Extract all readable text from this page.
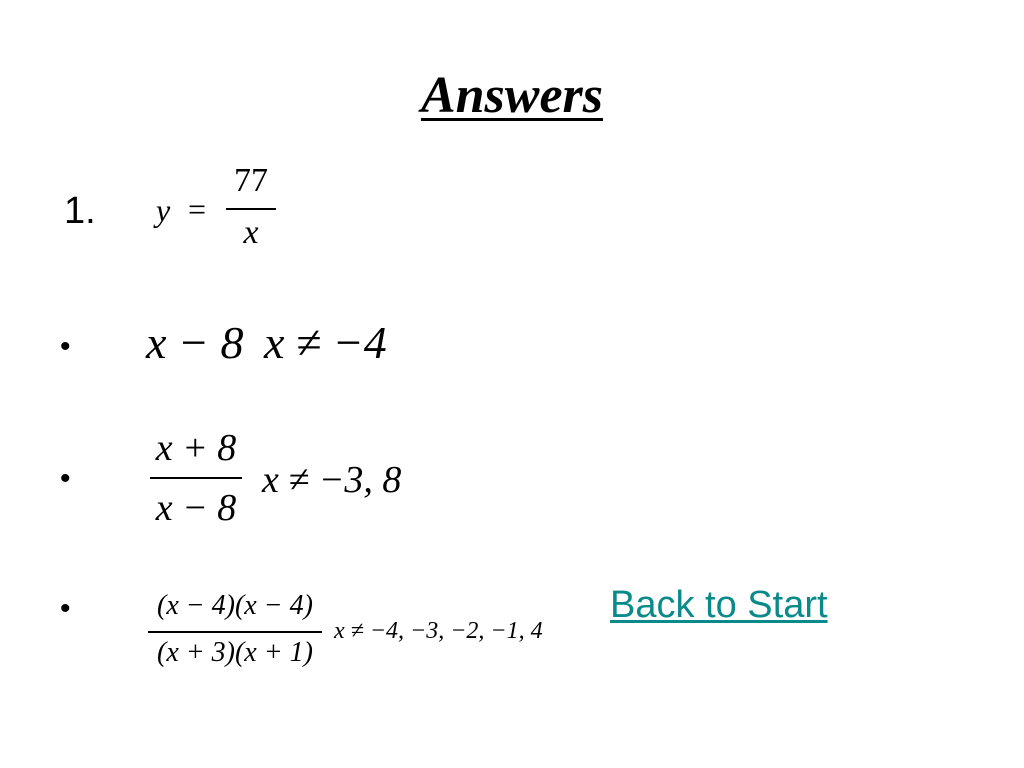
Answers
1. y =
77
x
• x − 8 x ≠ −4
•
x + 8
x − 8
x ≠ −3, 8
•	(x − 4)(x − 4)
(x + 3)(x + 1)
x ≠ −4, −3, −2, −1, 4
Back to Start
